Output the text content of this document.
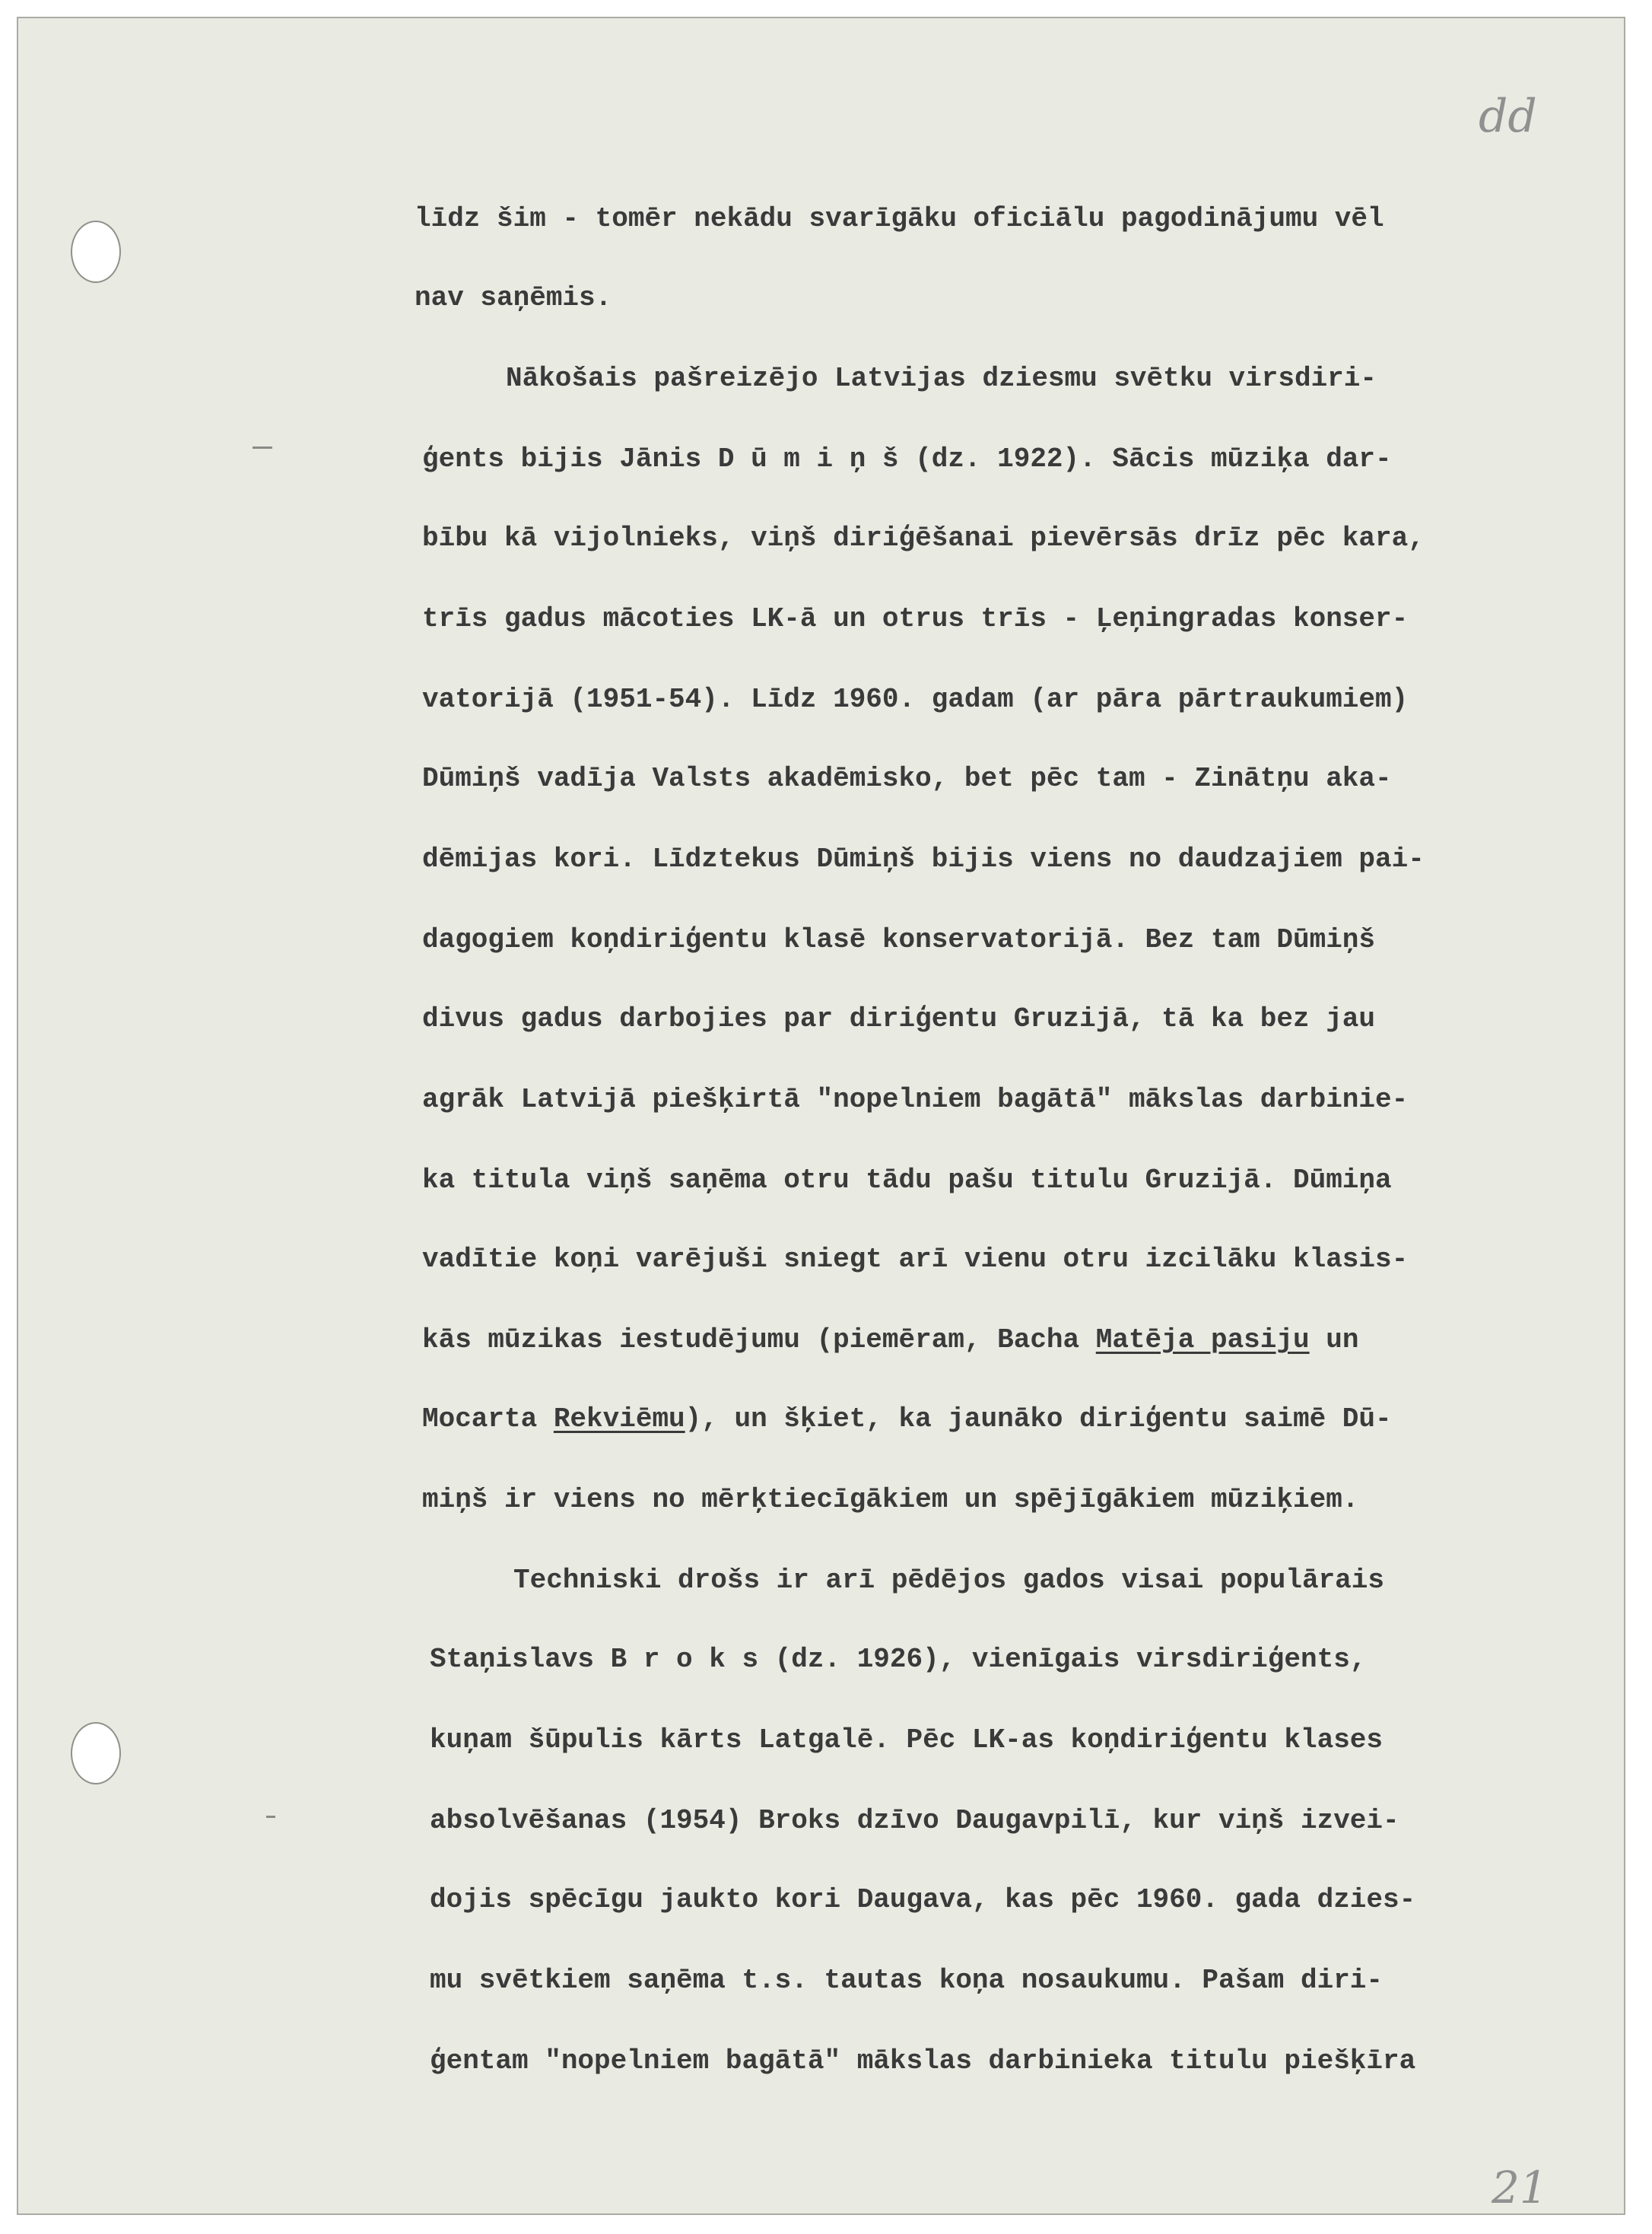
dd
21
līdz šim - tomēr nekādu svarīgāku oficiālu pagodinājumu vēl
nav saņēmis.
Nākošais pašreizējo Latvijas dziesmu svētku virsdiri-
ģents bijis Jānis D ū m i ņ š (dz. 1922). Sācis mūziķa dar-
bību kā vijolnieks, viņš diriģēšanai pievērsās drīz pēc kara,
trīs gadus mācoties LK-ā un otrus trīs - Ļeņingradas konser-
vatorijā (1951-54). Līdz 1960. gadam (ar pāra pārtraukumiem)
Dūmiņš vadīja Valsts akadēmisko, bet pēc tam - Zinātņu aka-
dēmijas kori. Līdztekus Dūmiņš bijis viens no daudzajiem pai-
dagogiem koņdiriģentu klasē konservatorijā. Bez tam Dūmiņš
divus gadus darbojies par diriģentu Gruzijā, tā ka bez jau
agrāk Latvijā piešķirtā "nopelniem bagātā" mākslas darbinie-
ka titula viņš saņēma otru tādu pašu titulu Gruzijā. Dūmiņa
vadītie koņi varējuši sniegt arī vienu otru izcilāku klasis-
kās mūzikas iestudējumu (piemēram, Bacha Matēja pasiju un
Mocarta Rekviēmu), un šķiet, ka jaunāko diriģentu saimē Dū-
miņš ir viens no mērķtiecīgākiem un spējīgākiem mūziķiem.
Techniski drošs ir arī pēdējos gados visai populārais
Staņislavs B r o k s (dz. 1926), vienīgais virsdiriģents,
kuņam šūpulis kārts Latgalē. Pēc LK-as koņdiriģentu klases
absolvēšanas (1954) Broks dzīvo Daugavpilī, kur viņš izvei-
dojis spēcīgu jaukto kori Daugava, kas pēc 1960. gada dzies-
mu svētkiem saņēma t.s. tautas koņa nosaukumu. Pašam diri-
ģentam "nopelniem bagātā" mākslas darbinieka titulu piešķīra
